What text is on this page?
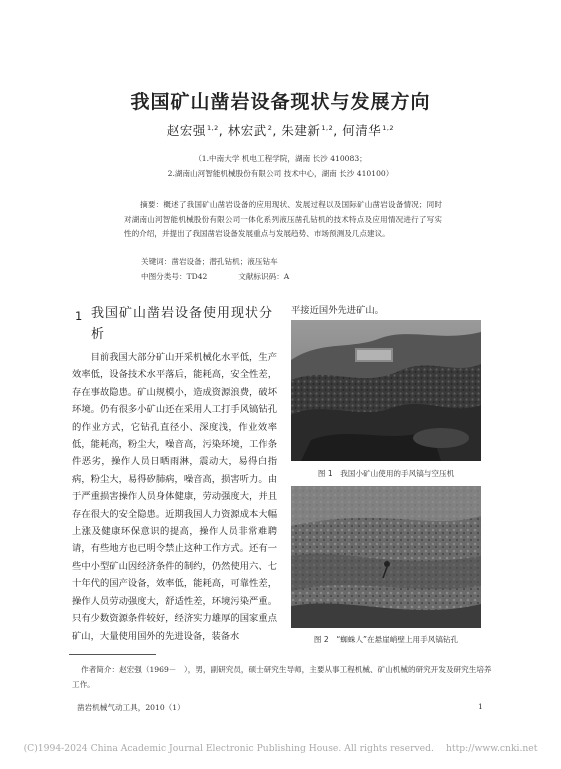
我国矿山凿岩设备现状与发展方向
赵宏强$^{1,2}$, 林宏武$^2$, 朱建新$^{1,2}$, 何清华$^{1,2}$
（1.中南大学 机电工程学院，湖南 长沙 410083；
2.湖南山河智能机械股份有限公司 技术中心，湖南 长沙 410100）
摘要：概述了我国矿山凿岩设备的应用现状、发展过程以及国际矿山凿岩设备情况；同时对湖南山河智能机械股份有限公司一体化系列液压凿孔钻机的技术特点及应用情况进行了写实性的介绍，并提出了我国凿岩设备发展重点与发展趋势、市场预测及几点建议。
关键词：凿岩设备；潜孔钻机；液压钻车
中图分类号：TD42	文献标识码：A
1 我国矿山凿岩设备使用现状分析
目前我国大部分矿山开采机械化水平低，生产效率低，设备技术水平落后，能耗高，安全性差，存在事故隐患。矿山规模小，造成资源浪费，破坏环境。仍有很多小矿山还在采用人工打手风镐钻孔的作业方式，它钻孔直径小、深度浅，作业效率低，能耗高，粉尘大，噪音高，污染环境，工作条件恶劣，操作人员日晒雨淋，震动大，易得白指病，粉尘大，易得矽肺病，噪音高，损害听力。由于严重损害操作人员身体健康，劳动强度大，并且存在很大的安全隐患。近期我国人力资源成本大幅上涨及健康环保意识的提高，操作人员非常难聘请，有些地方也已明令禁止这种工作方式。还有一些中小型矿山因经济条件的制约，仍然使用六、七十年代的国产设备，效率低，能耗高，可靠性差，操作人员劳动强度大，舒适性差，环境污染严重。只有少数资源条件较好，经济实力雄厚的国家重点矿山，大量使用国外的先进设备，装备水
平接近国外先进矿山。
图 1　我国小矿山使用的手风镐与空压机
图 2　“蜘蛛人”在悬崖峭壁上用手风镐钻孔
作者简介：赵宏强（1969－　），男，副研究员，硕士研究生导师，主要从事工程机械、矿山机械的研究开发及研究生培养工作。
凿岩机械气动工具，2010（1）	1
(C)1994-2024 China Academic Journal Electronic Publishing House. All rights reserved.　 http://www.cnki.net
